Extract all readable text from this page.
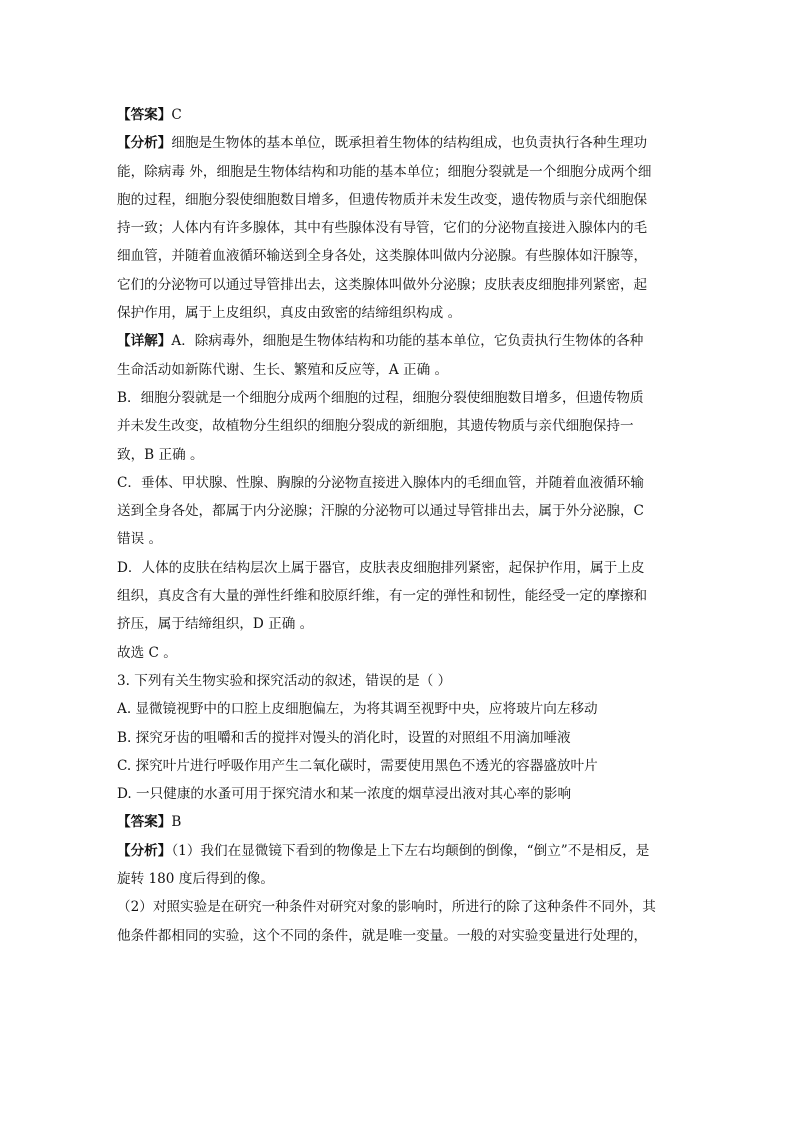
【答案】C
【分析】细胞是生物体的基本单位，既承担着生物体的结构组成，也负责执行各种生理功
能，除病毒 外，细胞是生物体结构和功能的基本单位；细胞分裂就是一个细胞分成两个细
胞的过程，细胞分裂使细胞数目增多，但遗传物质并未发生改变，遗传物质与亲代细胞保
持一致；人体内有许多腺体，其中有些腺体没有导管，它们的分泌物直接进入腺体内的毛
细血管，并随着血液循环输送到全身各处，这类腺体叫做内分泌腺。有些腺体如汗腺等，
它们的分泌物可以通过导管排出去，这类腺体叫做外分泌腺；皮肤表皮细胞排列紧密，起
保护作用，属于上皮组织，真皮由致密的结缔组织构成 。
【详解】A．除病毒外，细胞是生物体结构和功能的基本单位，它负责执行生物体的各种
生命活动如新陈代谢、生长、繁殖和反应等，A 正确 。
B．细胞分裂就是一个细胞分成两个细胞的过程，细胞分裂使细胞数目增多，但遗传物质
并未发生改变，故植物分生组织的细胞分裂成的新细胞，其遗传物质与亲代细胞保持一
致，B 正确 。
C．垂体、甲状腺、性腺、胸腺的分泌物直接进入腺体内的毛细血管，并随着血液循环输
送到全身各处，都属于内分泌腺；汗腺的分泌物可以通过导管排出去，属于外分泌腺，C
错误 。
D．人体的皮肤在结构层次上属于器官，皮肤表皮细胞排列紧密，起保护作用，属于上皮
组织，真皮含有大量的弹性纤维和胶原纤维，有一定的弹性和韧性，能经受一定的摩擦和
挤压，属于结缔组织，D 正确 。
故选 C 。
3. 下列有关生物实验和探究活动的叙述，错误的是（ ）
A. 显微镜视野中的口腔上皮细胞偏左，为将其调至视野中央，应将玻片向左移动
B. 探究牙齿的咀嚼和舌的搅拌对馒头的消化时，设置的对照组不用滴加唾液
C. 探究叶片进行呼吸作用产生二氧化碳时，需要使用黑色不透光的容器盛放叶片
D. 一只健康的水蚤可用于探究清水和某一浓度的烟草浸出液对其心率的影响
【答案】B
【分析】（1）我们在显微镜下看到的物像是上下左右均颠倒的倒像，“倒立”不是相反，是
旋转 180 度后得到的像。
（2）对照实验是在研究一种条件对研究对象的影响时，所进行的除了这种条件不同外，其
他条件都相同的实验，这个不同的条件，就是唯一变量。一般的对实验变量进行处理的，
